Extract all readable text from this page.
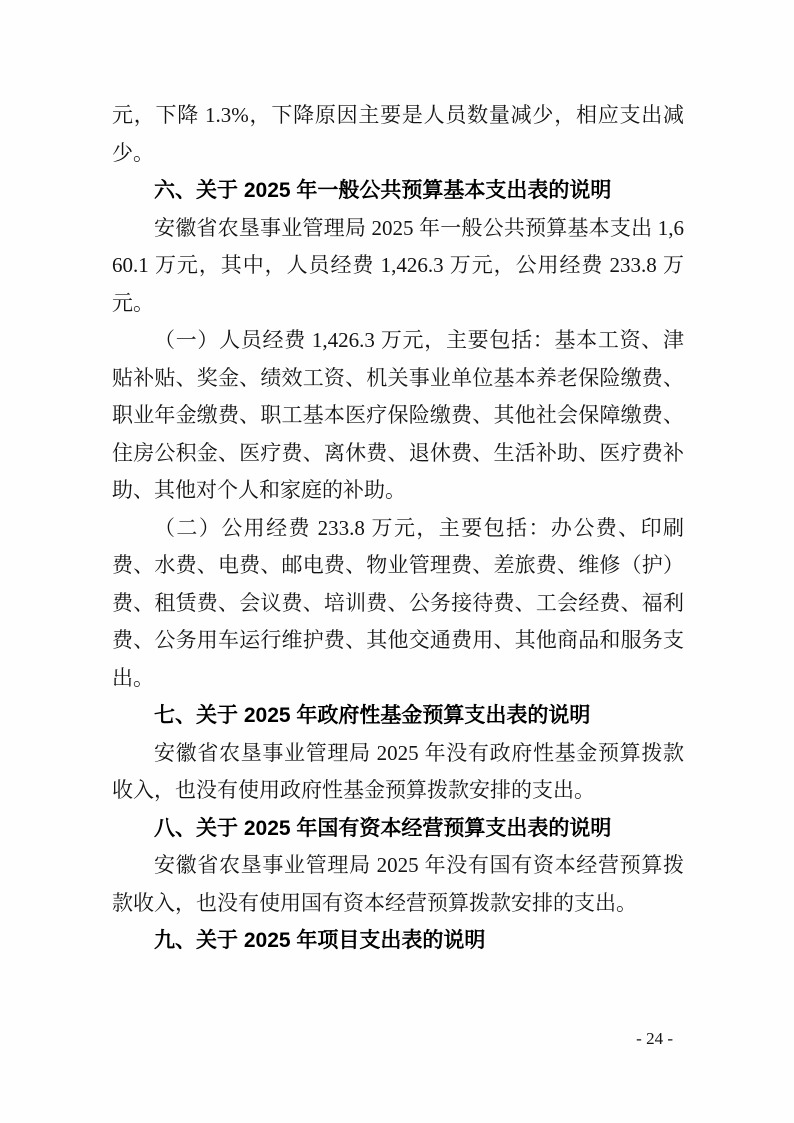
元，下降 1.3%，下降原因主要是人员数量减少，相应支出减少。

六、关于 2025 年一般公共预算基本支出表的说明

安徽省农垦事业管理局 2025 年一般公共预算基本支出 1,660.1 万元，其中，人员经费 1,426.3 万元，公用经费 233.8 万元。

（一）人员经费 1,426.3 万元，主要包括：基本工资、津贴补贴、奖金、绩效工资、机关事业单位基本养老保险缴费、职业年金缴费、职工基本医疗保险缴费、其他社会保障缴费、住房公积金、医疗费、离休费、退休费、生活补助、医疗费补助、其他对个人和家庭的补助。

（二）公用经费 233.8 万元，主要包括：办公费、印刷费、水费、电费、邮电费、物业管理费、差旅费、维修（护）费、租赁费、会议费、培训费、公务接待费、工会经费、福利费、公务用车运行维护费、其他交通费用、其他商品和服务支出。

七、关于 2025 年政府性基金预算支出表的说明

安徽省农垦事业管理局 2025 年没有政府性基金预算拨款收入，也没有使用政府性基金预算拨款安排的支出。

八、关于 2025 年国有资本经营预算支出表的说明

安徽省农垦事业管理局 2025 年没有国有资本经营预算拨款收入，也没有使用国有资本经营预算拨款安排的支出。

九、关于 2025 年项目支出表的说明
- 24 -
